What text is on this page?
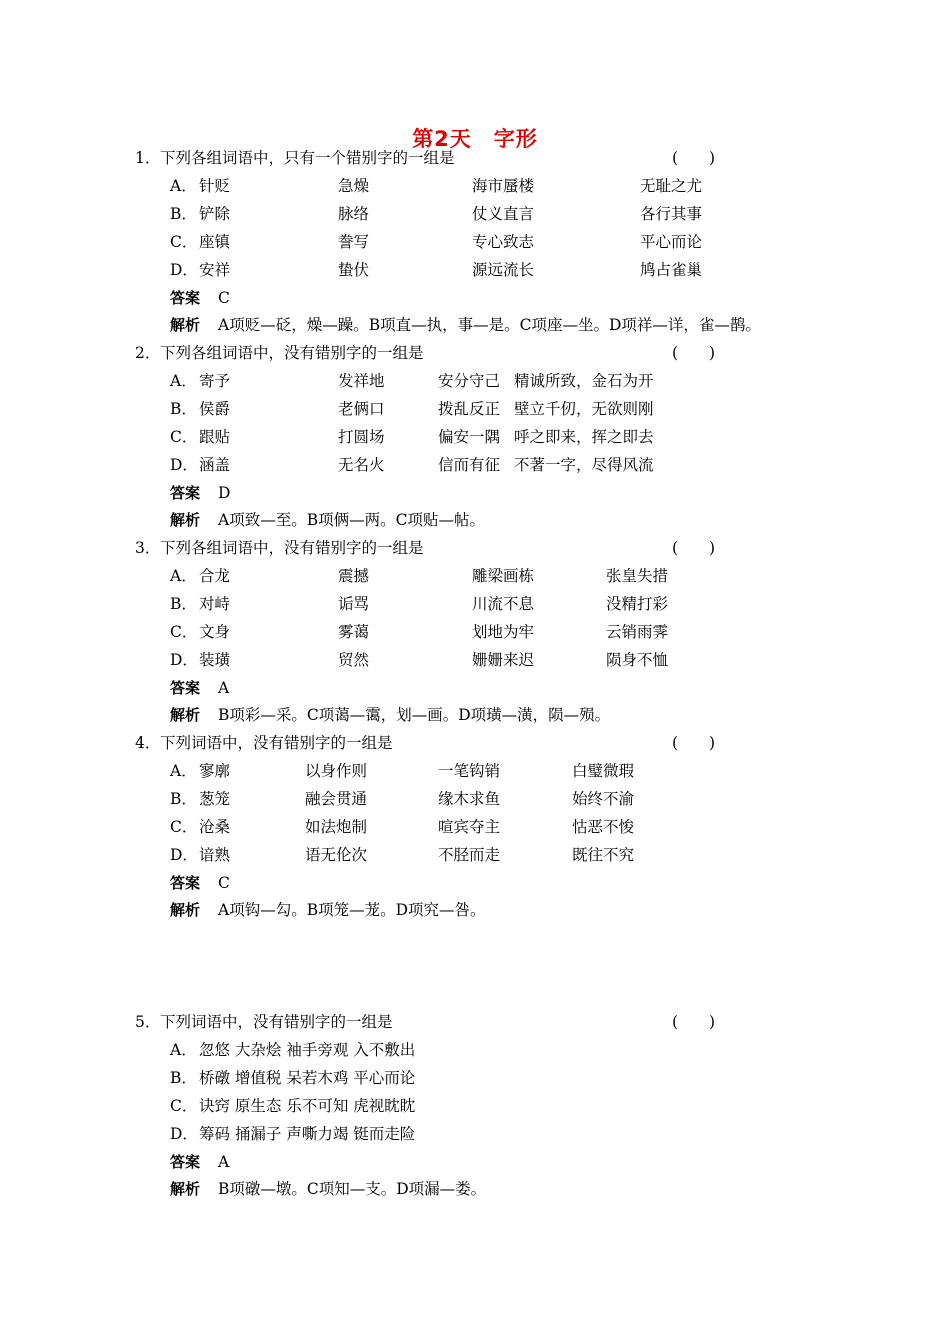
第2天　字形
1． 下列各组词语中，只有一个错别字的一组是	( )
A． 针贬	急燥	海市蜃楼	无耻之尤
B． 铲除	脉络	仗义直言	各行其事
C． 座镇	誊写	专心致志	平心而论
D． 安祥	蛰伏	源远流长	鸠占雀巢
答案 C
解析 A项贬—砭，燥—躁。B项直—执，事—是。C项座—坐。D项祥—详，雀—鹊。
2． 下列各组词语中，没有错别字的一组是	( )
A． 寄予	发祥地	安分守己 精诚所致，金石为开
B． 侯爵	老俩口	拨乱反正 壁立千仞，无欲则刚
C． 跟贴	打圆场	偏安一隅 呼之即来，挥之即去
D． 涵盖	无名火	信而有征 不著一字，尽得风流
答案 D
解析 A项致—至。B项俩—两。C项贴—帖。
3． 下列各组词语中，没有错别字的一组是	( )
A． 合龙	震撼	雕梁画栋	张皇失措
B． 对峙	诟骂	川流不息	没精打彩
C． 文身	雾蔼	划地为牢	云销雨霁
D． 装璜	贸然	姗姗来迟	陨身不恤
答案 A
解析 B项彩—采。C项蔼—霭，划—画。D项璜—潢，陨—殒。
4． 下列词语中，没有错别字的一组是	( )
A． 寥廓	以身作则	一笔钩销	白璧微瑕
B． 葱笼	融会贯通	缘木求鱼	始终不渝
C． 沧桑	如法炮制	喧宾夺主	怙恶不悛
D． 谙熟	语无伦次	不胫而走	既往不究
答案 C
解析 A项钩—勾。B项笼—茏。D项究—咎。
5． 下列词语中，没有错别字的一组是	( )
A． 忽悠 大杂烩 袖手旁观 入不敷出
B． 桥礅 增值税 呆若木鸡 平心而论
C． 诀窍 原生态 乐不可知 虎视眈眈
D． 筹码 捅漏子 声嘶力竭 铤而走险
答案 A
解析 B项礅—墩。C项知—支。D项漏—娄。
